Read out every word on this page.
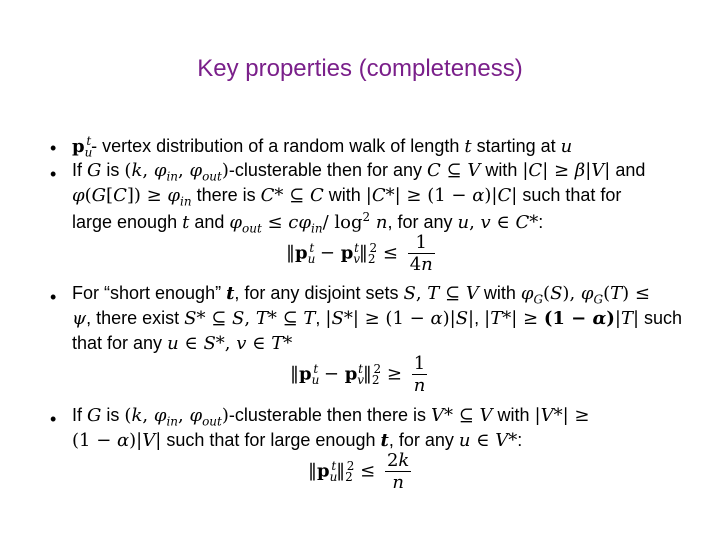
Key properties (completeness)
• $p_u^t-$ vertex distribution of a random walk of length t starting at u
• If G is (k, $\varphi_{in}$, $\varphi_{out}$)-clusterable then for any C ⊆ V with |C| ≥ β|V| and
$\varphi(G[C]) \ge \varphi_{in}$ there is C* ⊆ C with |C*| ≥ (1 − α)|C| such that for
large enough t and $\varphi_{out} \le c\varphi_{in}/$ $\log^2 n$, for any u, v ∈ C*:
$‖p_u^t$ − $p_v^t‖_2^2 \le \frac{1}{4n}$
• For “short enough” t, for any disjoint sets S, T ⊆ V with $\varphi_G(S)$, $\varphi_G(T)$ ≤
ψ, there exist S* ⊆ S, T* ⊆ T, |S*| ≥ (1 − α)|S|, |T*| ≥ (1 − α)|T| such
that for any u ∈ S*, v ∈ T*
$‖p_u^t$ − $p_v^t‖_2^2 \ge \frac{1}{n}$
• If G is (k, $\varphi_{in}$, $\varphi_{out}$)-clusterable then there is V* ⊆ V with |V*| ≥
(1 − α)|V| such that for large enough t, for any u ∈ V*:
$‖p_u^t‖_2^2 \le \frac{2k}{n}$
